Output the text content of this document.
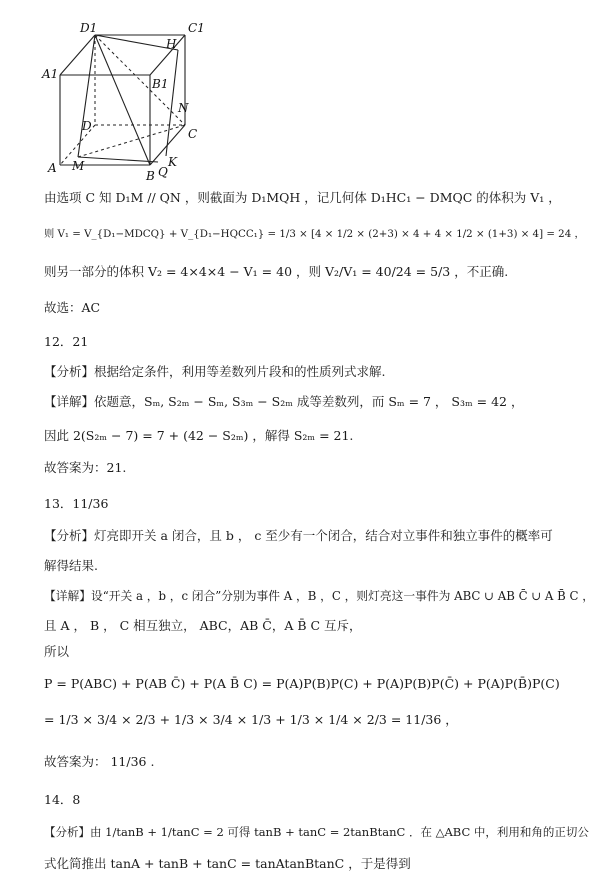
D1	C1
H
A1
B1
N
D
C
A M
B Q
K
由选项 C 知 D₁M // QN ，则截面为 D₁MQH ，记几何体 D₁HC₁ − DMQC 的体积为 V₁ ，
则 V₁ = V_{D₁−MDCQ} + V_{D₁−HQCC₁} = 1/3 × [4 × 1/2 × (2+3) × 4 + 4 × 1/2 × (1+3) × 4] = 24 ，
则另一部分的体积 V₂ = 4×4×4 − V₁ = 40 ，则 V₂/V₁ = 40/24 = 5/3 ，不正确.
故选：AC
12．21
【分析】根据给定条件，利用等差数列片段和的性质列式求解.
【详解】依题意，Sₘ, S₂ₘ − Sₘ, S₃ₘ − S₂ₘ 成等差数列，而 Sₘ = 7 ， S₃ₘ = 42 ，
因此 2(S₂ₘ − 7) = 7 + (42 − S₂ₘ) ，解得 S₂ₘ = 21.
故答案为：21.
13．11/36
【分析】灯亮即开关 a 闭合，且 b ， c 至少有一个闭合，结合对立事件和独立事件的概率可
解得结果.
【详解】设“开关 a ，b ，c 闭合”分别为事件 A ，B ，C ，则灯亮这一事件为 ABC ∪ AB C̄ ∪ A B̄ C ，
且 A ， B ， C 相互独立， ABC，AB C̄，A B̄ C 互斥，
所以
P = P(ABC) + P(AB C̄) + P(A B̄ C) = P(A)P(B)P(C) + P(A)P(B)P(C̄) + P(A)P(B̄)P(C)
= 1/3 × 3/4 × 2/3 + 1/3 × 3/4 × 1/3 + 1/3 × 1/4 × 2/3 = 11/36 ，
故答案为： 11/36 .
14．8
【分析】由 1/tanB + 1/tanC = 2 可得 tanB + tanC = 2tanBtanC ．在 △ABC 中，利用和角的正切公
式化简推出 tanA + tanB + tanC = tanAtanBtanC ，于是得到
